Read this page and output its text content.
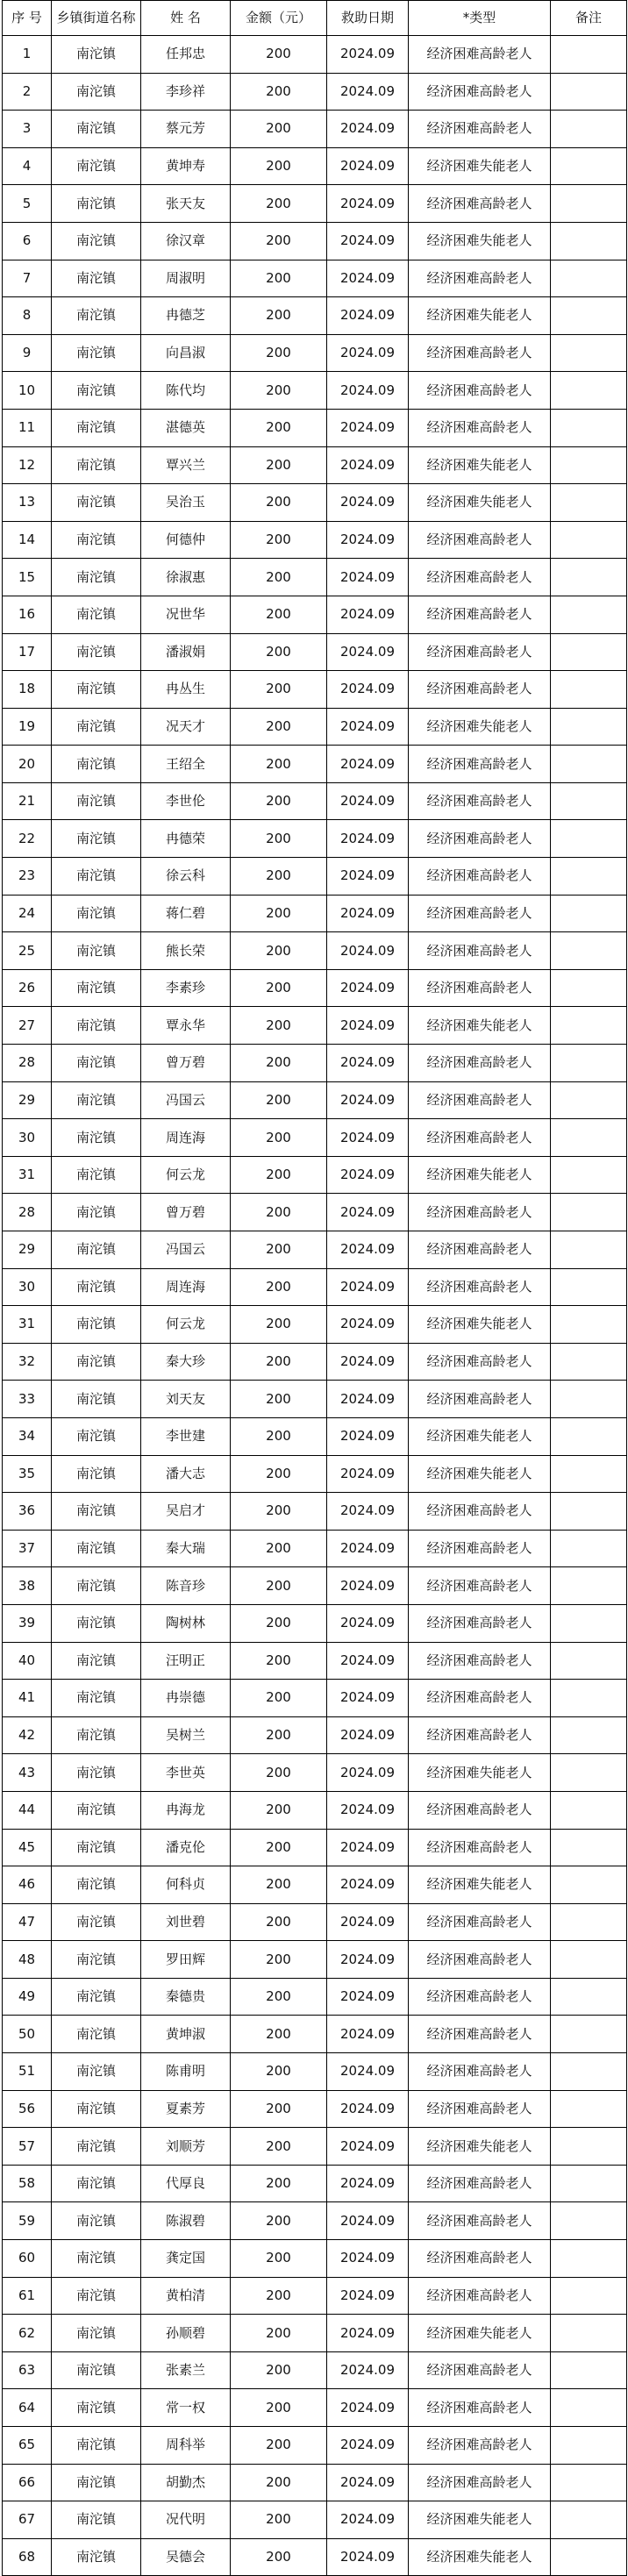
序 号	乡镇街道名称	姓 名	金额（元）	救助日期	*类型	备注
1	南沱镇	任邦忠	200	2024.09	经济困难高龄老人	
2	南沱镇	李珍祥	200	2024.09	经济困难高龄老人	
3	南沱镇	蔡元芳	200	2024.09	经济困难高龄老人	
4	南沱镇	黄坤寿	200	2024.09	经济困难失能老人	
5	南沱镇	张天友	200	2024.09	经济困难高龄老人	
6	南沱镇	徐汉章	200	2024.09	经济困难失能老人	
7	南沱镇	周淑明	200	2024.09	经济困难高龄老人	
8	南沱镇	冉德芝	200	2024.09	经济困难失能老人	
9	南沱镇	向昌淑	200	2024.09	经济困难高龄老人	
10	南沱镇	陈代均	200	2024.09	经济困难高龄老人	
11	南沱镇	湛德英	200	2024.09	经济困难高龄老人	
12	南沱镇	覃兴兰	200	2024.09	经济困难失能老人	
13	南沱镇	吴治玉	200	2024.09	经济困难失能老人	
14	南沱镇	何德仲	200	2024.09	经济困难高龄老人	
15	南沱镇	徐淑惠	200	2024.09	经济困难高龄老人	
16	南沱镇	况世华	200	2024.09	经济困难高龄老人	
17	南沱镇	潘淑娟	200	2024.09	经济困难高龄老人	
18	南沱镇	冉丛生	200	2024.09	经济困难高龄老人	
19	南沱镇	况天才	200	2024.09	经济困难失能老人	
20	南沱镇	王绍全	200	2024.09	经济困难高龄老人	
21	南沱镇	李世伦	200	2024.09	经济困难高龄老人	
22	南沱镇	冉德荣	200	2024.09	经济困难高龄老人	
23	南沱镇	徐云科	200	2024.09	经济困难高龄老人	
24	南沱镇	蒋仁碧	200	2024.09	经济困难高龄老人	
25	南沱镇	熊长荣	200	2024.09	经济困难高龄老人	
26	南沱镇	李素珍	200	2024.09	经济困难高龄老人	
27	南沱镇	覃永华	200	2024.09	经济困难失能老人	
28	南沱镇	曾万碧	200	2024.09	经济困难高龄老人	
29	南沱镇	冯国云	200	2024.09	经济困难高龄老人	
30	南沱镇	周连海	200	2024.09	经济困难高龄老人	
31	南沱镇	何云龙	200	2024.09	经济困难失能老人	
28	南沱镇	曾万碧	200	2024.09	经济困难高龄老人	
29	南沱镇	冯国云	200	2024.09	经济困难高龄老人	
30	南沱镇	周连海	200	2024.09	经济困难高龄老人	
31	南沱镇	何云龙	200	2024.09	经济困难失能老人	
32	南沱镇	秦大珍	200	2024.09	经济困难高龄老人	
33	南沱镇	刘天友	200	2024.09	经济困难高龄老人	
34	南沱镇	李世建	200	2024.09	经济困难失能老人	
35	南沱镇	潘大志	200	2024.09	经济困难失能老人	
36	南沱镇	吴启才	200	2024.09	经济困难高龄老人	
37	南沱镇	秦大瑞	200	2024.09	经济困难高龄老人	
38	南沱镇	陈音珍	200	2024.09	经济困难高龄老人	
39	南沱镇	陶树林	200	2024.09	经济困难高龄老人	
40	南沱镇	汪明正	200	2024.09	经济困难高龄老人	
41	南沱镇	冉崇德	200	2024.09	经济困难高龄老人	
42	南沱镇	吴树兰	200	2024.09	经济困难高龄老人	
43	南沱镇	李世英	200	2024.09	经济困难失能老人	
44	南沱镇	冉海龙	200	2024.09	经济困难高龄老人	
45	南沱镇	潘克伦	200	2024.09	经济困难高龄老人	
46	南沱镇	何科贞	200	2024.09	经济困难失能老人	
47	南沱镇	刘世碧	200	2024.09	经济困难高龄老人	
48	南沱镇	罗田辉	200	2024.09	经济困难高龄老人	
49	南沱镇	秦德贵	200	2024.09	经济困难高龄老人	
50	南沱镇	黄坤淑	200	2024.09	经济困难高龄老人	
51	南沱镇	陈甫明	200	2024.09	经济困难高龄老人	
56	南沱镇	夏素芳	200	2024.09	经济困难高龄老人	
57	南沱镇	刘顺芳	200	2024.09	经济困难失能老人	
58	南沱镇	代厚良	200	2024.09	经济困难高龄老人	
59	南沱镇	陈淑碧	200	2024.09	经济困难高龄老人	
60	南沱镇	龚定国	200	2024.09	经济困难高龄老人	
61	南沱镇	黄柏清	200	2024.09	经济困难高龄老人	
62	南沱镇	孙顺碧	200	2024.09	经济困难失能老人	
63	南沱镇	张素兰	200	2024.09	经济困难高龄老人	
64	南沱镇	常一权	200	2024.09	经济困难高龄老人	
65	南沱镇	周科举	200	2024.09	经济困难高龄老人	
66	南沱镇	胡勤杰	200	2024.09	经济困难高龄老人	
67	南沱镇	况代明	200	2024.09	经济困难失能老人	
68	南沱镇	吴德会	200	2024.09	经济困难失能老人	
